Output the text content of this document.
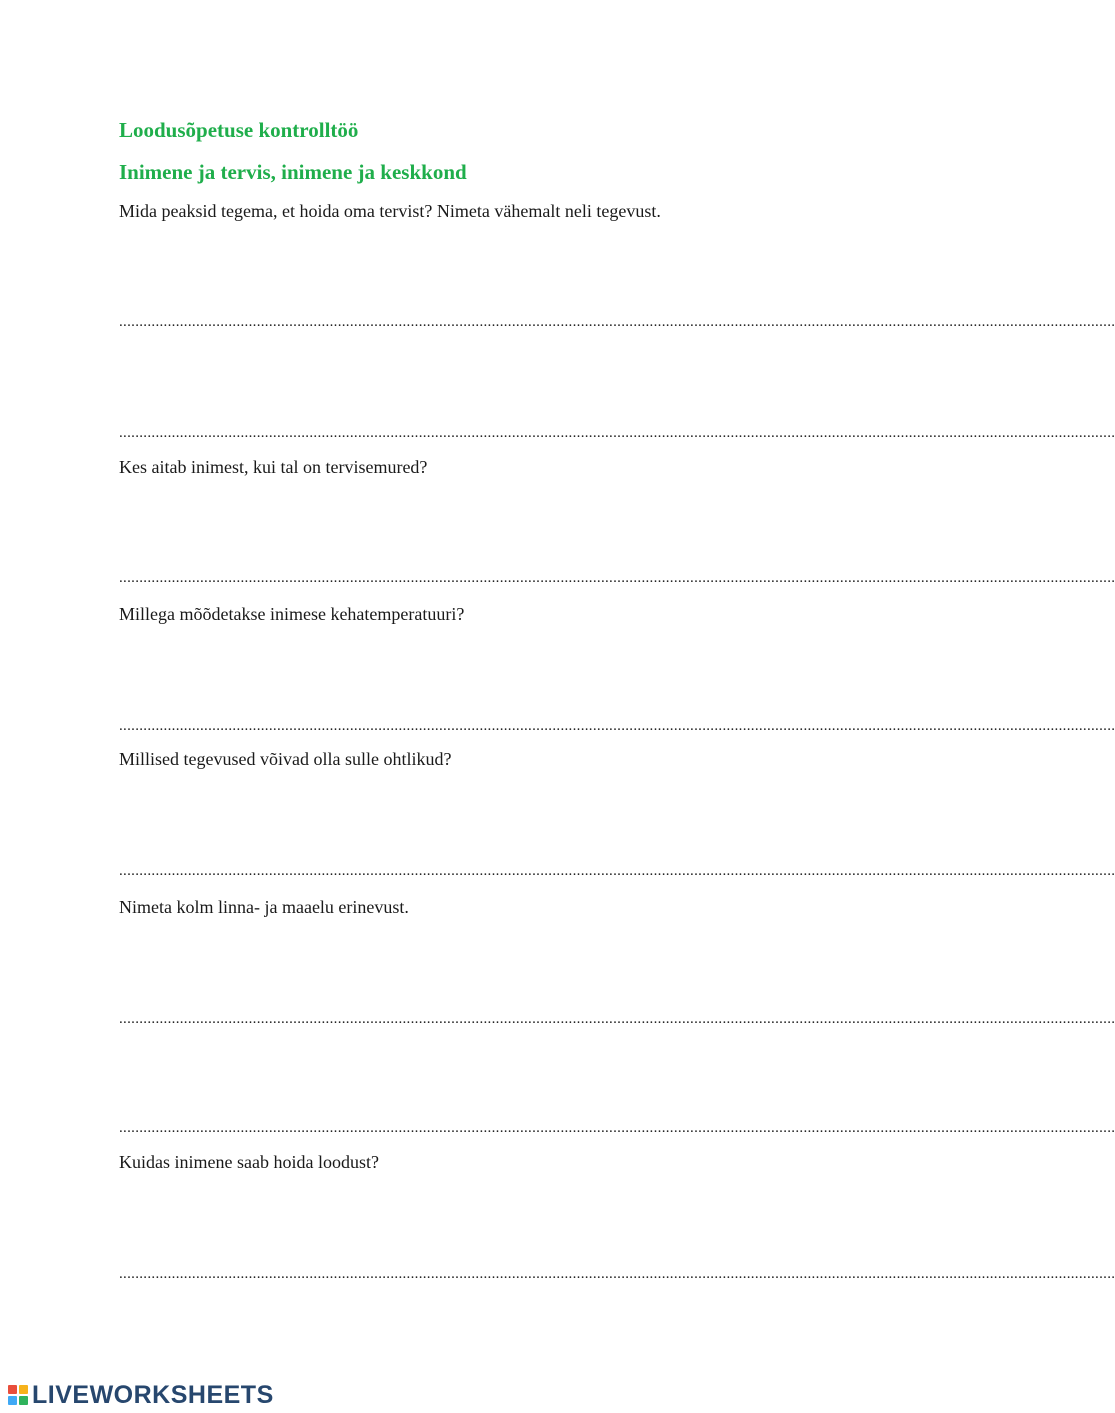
Loodusõpetuse kontrolltöö
Inimene ja tervis, inimene ja keskkond
Mida peaksid tegema, et hoida oma tervist? Nimeta vähemalt neli tegevust.
......................................................................................................................................................................................................................................................
......................................................................................................................................................................................................................................................
Kes aitab inimest, kui tal on tervisemured?
......................................................................................................................................................................................................................................................
Millega mõõdetakse inimese kehatemperatuuri?
......................................................................................................................................................................................................................................................
Millised tegevused võivad olla sulle ohtlikud?
......................................................................................................................................................................................................................................................
Nimeta kolm linna- ja maaelu erinevust.
......................................................................................................................................................................................................................................................
......................................................................................................................................................................................................................................................
Kuidas inimene saab hoida loodust?
......................................................................................................................................................................................................................................................
LIVEWORKSHEETS
